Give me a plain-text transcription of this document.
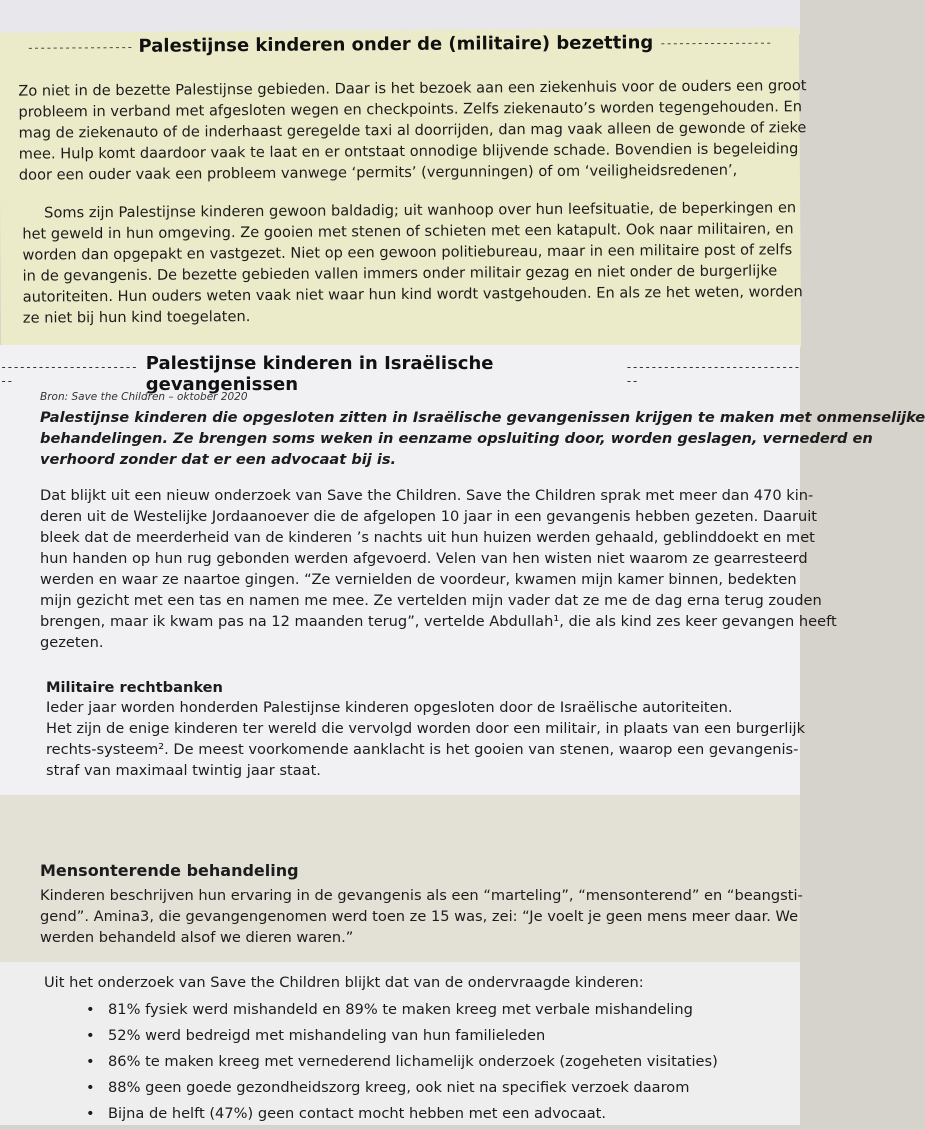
----------------- Palestijnse kinderen onder de (militaire) bezetting ------------------

Zo niet in de bezette Palestijnse gebieden. Daar is het bezoek aan een ziekenhuis voor de ouders een groot
probleem in verband met afgesloten wegen en checkpoints. Zelfs ziekenauto’s worden tegengehouden. En
mag de ziekenauto of de inderhaast geregelde taxi al doorrijden, dan mag vaak alleen de gewonde of zieke
mee. Hulp komt daardoor vaak te laat en er ontstaat onnodige blijvende schade. Bovendien is begeleiding
door een ouder vaak een probleem vanwege ‘permits’ (vergunningen) of om ‘veiligheidsredenen’,

Soms zijn Palestijnse kinderen gewoon baldadig; uit wanhoop over hun leefsituatie, de beperkingen en
het geweld in hun omgeving. Ze gooien met stenen of schieten met een katapult. Ook naar militairen, en
worden dan opgepakt en vastgezet. Niet op een gewoon politiebureau, maar in een militaire post of zelfs
in de gevangenis. De bezette gebieden vallen immers onder militair gezag en niet onder de burgerlijke
autoriteiten. Hun ouders weten vaak niet waar hun kind wordt vastgehouden. En als ze het weten, worden
ze niet bij hun kind toegelaten.

------------------------
Palestijnse kinderen in Israëlische gevangenissen
------------------------------
Bron: Save the Children – oktober 2020

Palestijnse kinderen die opgesloten zitten in Israëlische gevangenissen krijgen te maken met onmenselijke
behandelingen. Ze brengen soms weken in eenzame opsluiting door, worden geslagen, vernederd en
verhoord zonder dat er een advocaat bij is.

Dat blijkt uit een nieuw onderzoek van Save the Children. Save the Children sprak met meer dan 470 kin-
deren uit de Westelijke Jordaanoever die de afgelopen 10 jaar in een gevangenis hebben gezeten. Daaruit
bleek dat de meerderheid van de kinderen ’s nachts uit hun huizen werden gehaald, geblinddoekt en met
hun handen op hun rug gebonden werden afgevoerd. Velen van hen wisten niet waarom ze gearresteerd
werden en waar ze naartoe gingen. “Ze vernielden de voordeur, kwamen mijn kamer binnen, bedekten
mijn gezicht met een tas en namen me mee. Ze vertelden mijn vader dat ze me de dag erna terug zouden
brengen, maar ik kwam pas na 12 maanden terug”, vertelde Abdullah¹, die als kind zes keer gevangen heeft
gezeten.

Militaire rechtbanken

Ieder jaar worden honderden Palestijnse kinderen opgesloten door de Israëlische autoriteiten.
Het zijn de enige kinderen ter wereld die vervolgd worden door een militair, in plaats van een burgerlijk
rechts-systeem². De meest voorkomende aanklacht is het gooien van stenen, waarop een gevangenis-
straf van maximaal twintig jaar staat.

Mensonterende behandeling

Kinderen beschrijven hun ervaring in de gevangenis als een “marteling”, “mensonterend” en “beangsti-
gend”. Amina3, die gevangengenomen werd toen ze 15 was, zei: “Je voelt je geen mens meer daar. We
werden behandeld alsof we dieren waren.”

Uit het onderzoek van Save the Children blijkt dat van de ondervraagde kinderen:
• 81% fysiek werd mishandeld en 89% te maken kreeg met verbale mishandeling
• 52% werd bedreigd met mishandeling van hun familieleden
• 86% te maken kreeg met vernederend lichamelijk onderzoek (zogeheten visitaties)
• 88% geen goede gezondheidszorg kreeg, ook niet na specifiek verzoek daarom
• Bijna de helft (47%) geen contact mocht hebben met een advocaat.
